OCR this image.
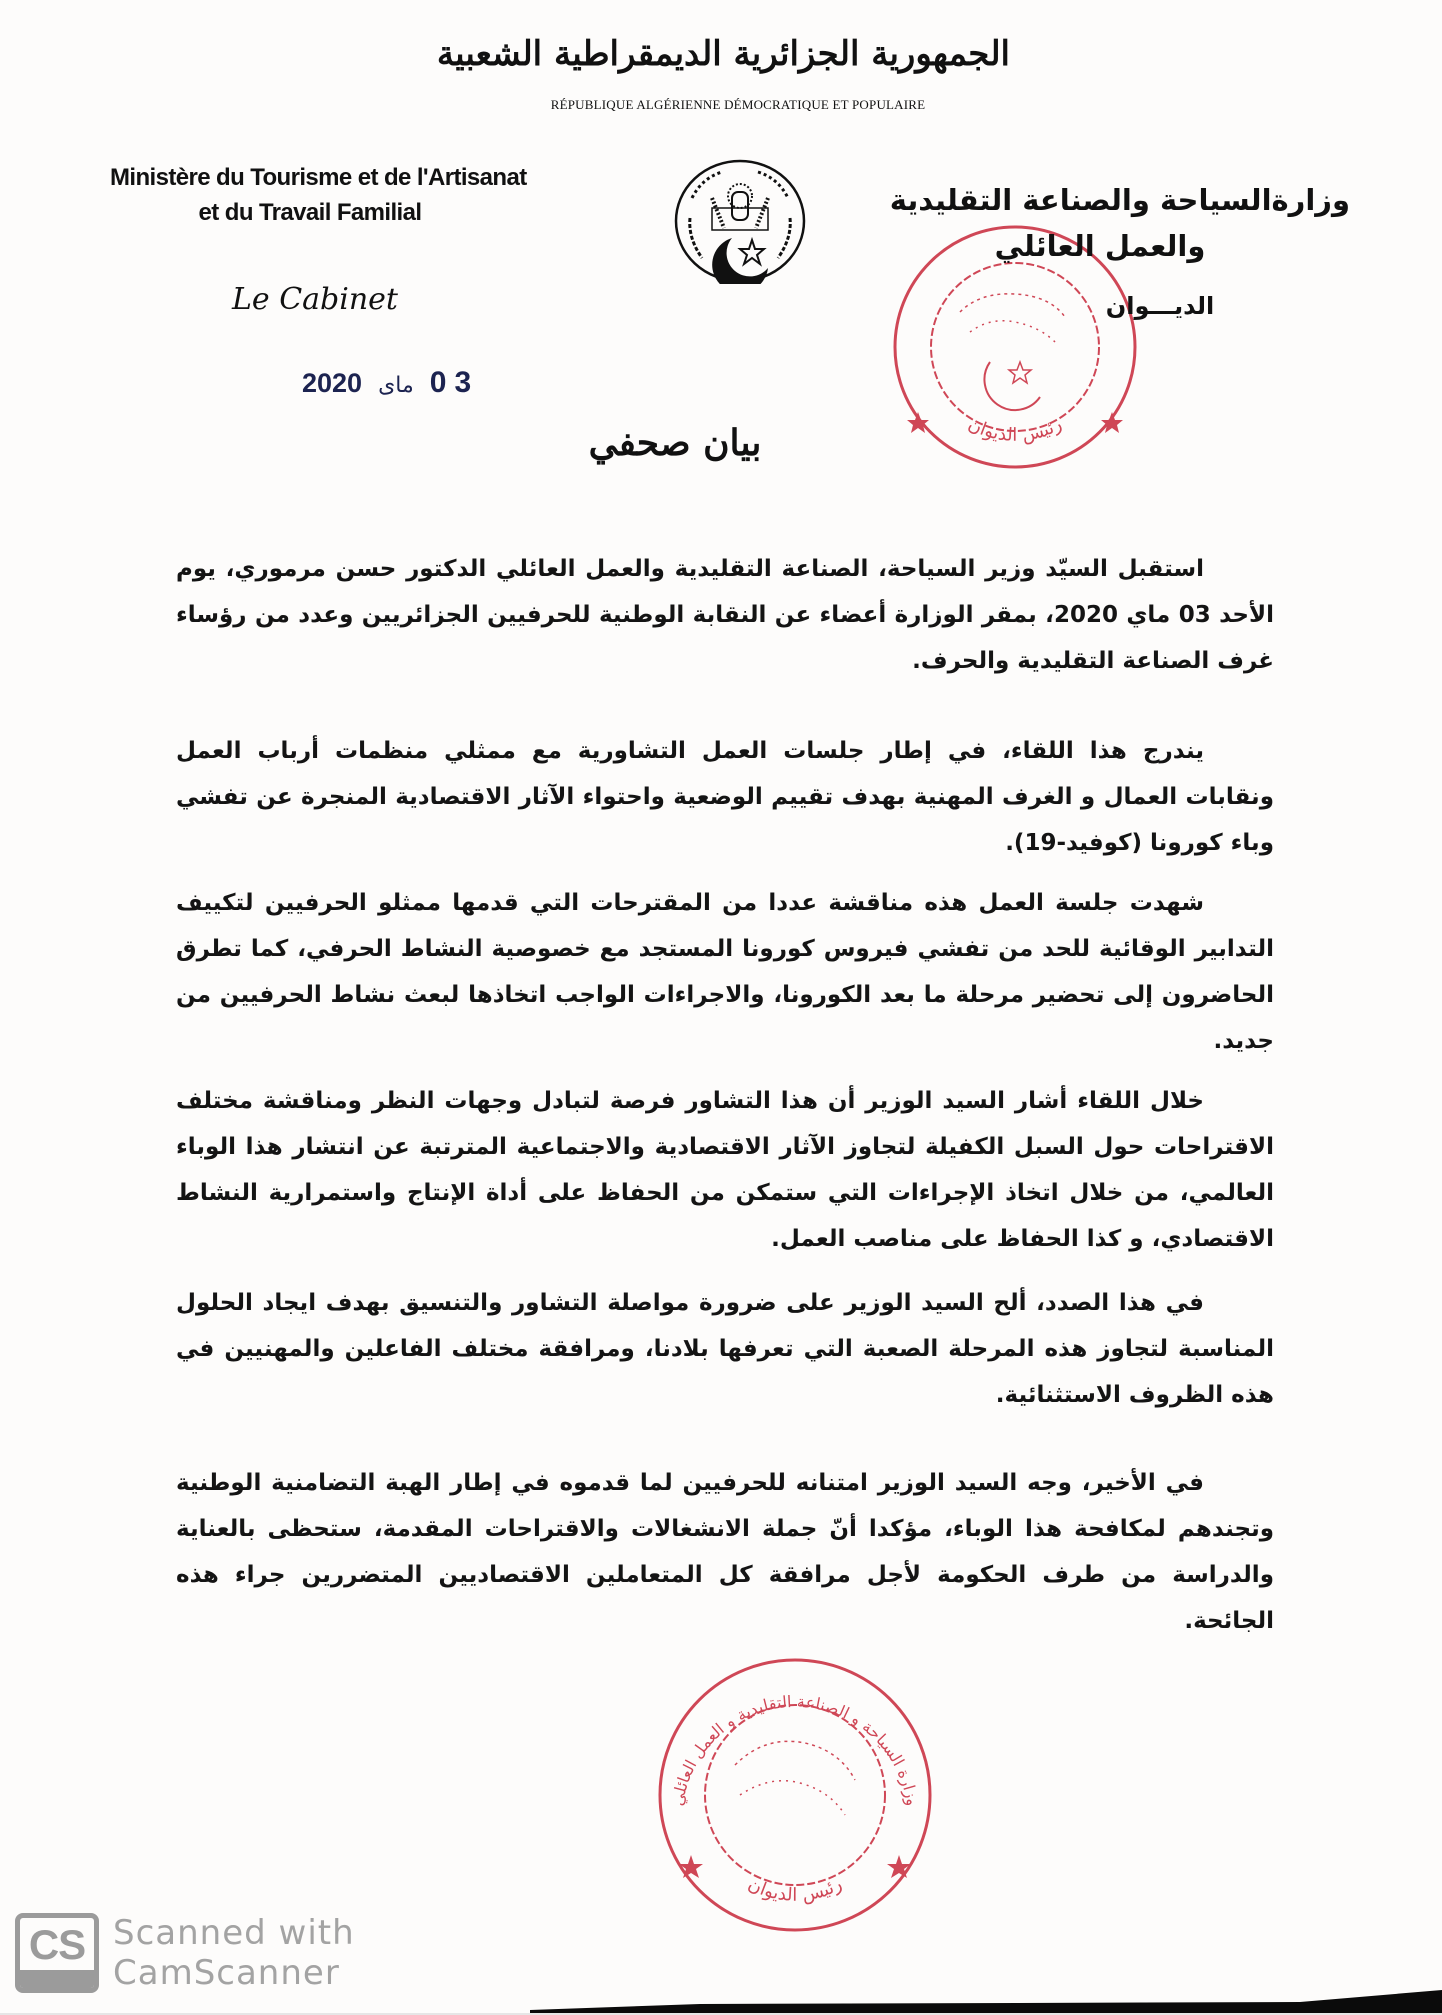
الجمهورية الجزائرية الديمقراطية الشعبية
RÉPUBLIQUE ALGÉRIENNE DÉMOCRATIQUE ET POPULAIRE
Ministère du Tourisme et de l'Artisanat
et du Travail Familial
Le Cabinet
2020 ماى 03
رئيس الديوان
وزارةالسياحة والصناعة التقليدية
والعمل العائلي
الديـــوان
بيان صحفي

استقبل السيّد وزير السياحة، الصناعة التقليدية والعمل العائلي الدكتور حسن مرموري، يوم الأحد 03 ماي 2020، بمقر الوزارة أعضاء عن النقابة الوطنية للحرفيين الجزائريين وعدد من رؤساء غرف الصناعة التقليدية والحرف.

يندرج هذا اللقاء، في إطار جلسات العمل التشاورية مع ممثلي منظمات أرباب العمل ونقابات العمال و الغرف المهنية بهدف تقييم الوضعية واحتواء الآثار الاقتصادية المنجرة عن تفشي وباء كورونا (كوفيد-19).

شهدت جلسة العمل هذه مناقشة عددا من المقترحات التي قدمها ممثلو الحرفيين لتكييف التدابير الوقائية للحد من تفشي فيروس كورونا المستجد مع خصوصية النشاط الحرفي، كما تطرق الحاضرون إلى تحضير مرحلة ما بعد الكورونا، والاجراءات الواجب اتخاذها لبعث نشاط الحرفيين من جديد.

خلال اللقاء أشار السيد الوزير أن هذا التشاور فرصة لتبادل وجهات النظر ومناقشة مختلف الاقتراحات حول السبل الكفيلة لتجاوز الآثار الاقتصادية والاجتماعية المترتبة عن انتشار هذا الوباء العالمي، من خلال اتخاذ الإجراءات التي ستمكن من الحفاظ على أداة الإنتاج واستمرارية النشاط الاقتصادي، و كذا الحفاظ على مناصب العمل.

في هذا الصدد، ألح السيد الوزير على ضرورة مواصلة التشاور والتنسيق بهدف ايجاد الحلول المناسبة لتجاوز هذه المرحلة الصعبة التي تعرفها بلادنا، ومرافقة مختلف الفاعلين والمهنيين في هذه الظروف الاستثنائية.

في الأخير، وجه السيد الوزير امتنانه للحرفيين لما قدموه في إطار الهبة التضامنية الوطنية وتجندهم لمكافحة هذا الوباء، مؤكدا أنّ جملة الانشغالات والاقتراحات المقدمة، ستحظى بالعناية والدراسة من طرف الحكومة لأجل مرافقة كل المتعاملين الاقتصاديين المتضررين جراء هذه الجائحة.

وزارة السياحة و الصناعة التقليدية و العمل العائلي
رئيس الديوان
CS Scanned with
CamScanner
